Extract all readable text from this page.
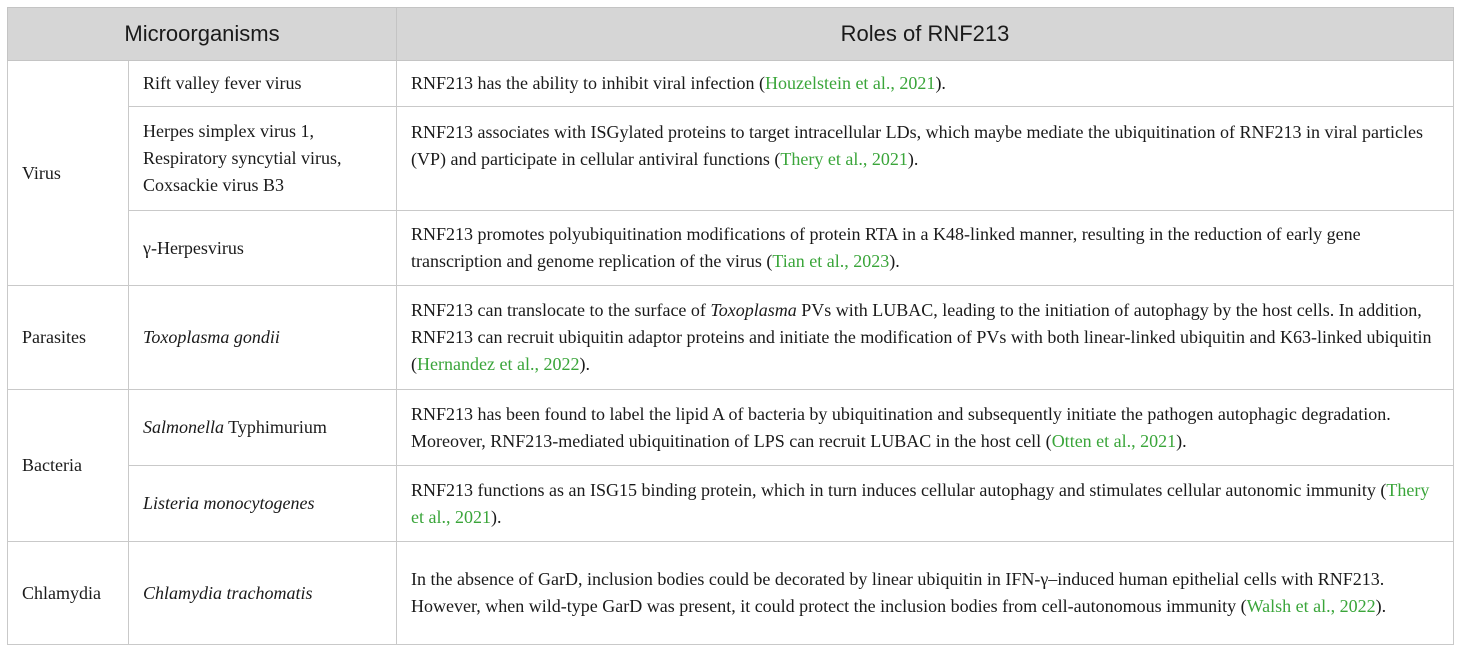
Microorganisms		Roles of RNF213
Virus	Rift valley fever virus	RNF213 has the ability to inhibit viral infection (Houzelstein et al., 2021).
	Herpes simplex virus 1, Respiratory syncytial virus, Coxsackie virus B3	RNF213 associates with ISGylated proteins to target intracellular LDs, which maybe mediate the ubiquitination of RNF213 in viral particles (VP) and participate in cellular antiviral functions (Thery et al., 2021).
	γ-Herpesvirus	RNF213 promotes polyubiquitination modifications of protein RTA in a K48-linked manner, resulting in the reduction of early gene transcription and genome replication of the virus (Tian et al., 2023).
Parasites	Toxoplasma gondii	RNF213 can translocate to the surface of Toxoplasma PVs with LUBAC, leading to the initiation of autophagy by the host cells. In addition, RNF213 can recruit ubiquitin adaptor proteins and initiate the modification of PVs with both linear-linked ubiquitin and K63-linked ubiquitin (Hernandez et al., 2022).
Bacteria	Salmonella Typhimurium	RNF213 has been found to label the lipid A of bacteria by ubiquitination and subsequently initiate the pathogen autophagic degradation. Moreover, RNF213-mediated ubiquitination of LPS can recruit LUBAC in the host cell (Otten et al., 2021).
	Listeria monocytogenes	RNF213 functions as an ISG15 binding protein, which in turn induces cellular autophagy and stimulates cellular autonomic immunity (Thery et al., 2021).
Chlamydia	Chlamydia trachomatis	In the absence of GarD, inclusion bodies could be decorated by linear ubiquitin in IFN-γ–induced human epithelial cells with RNF213. However, when wild-type GarD was present, it could protect the inclusion bodies from cell-autonomous immunity (Walsh et al., 2022).
